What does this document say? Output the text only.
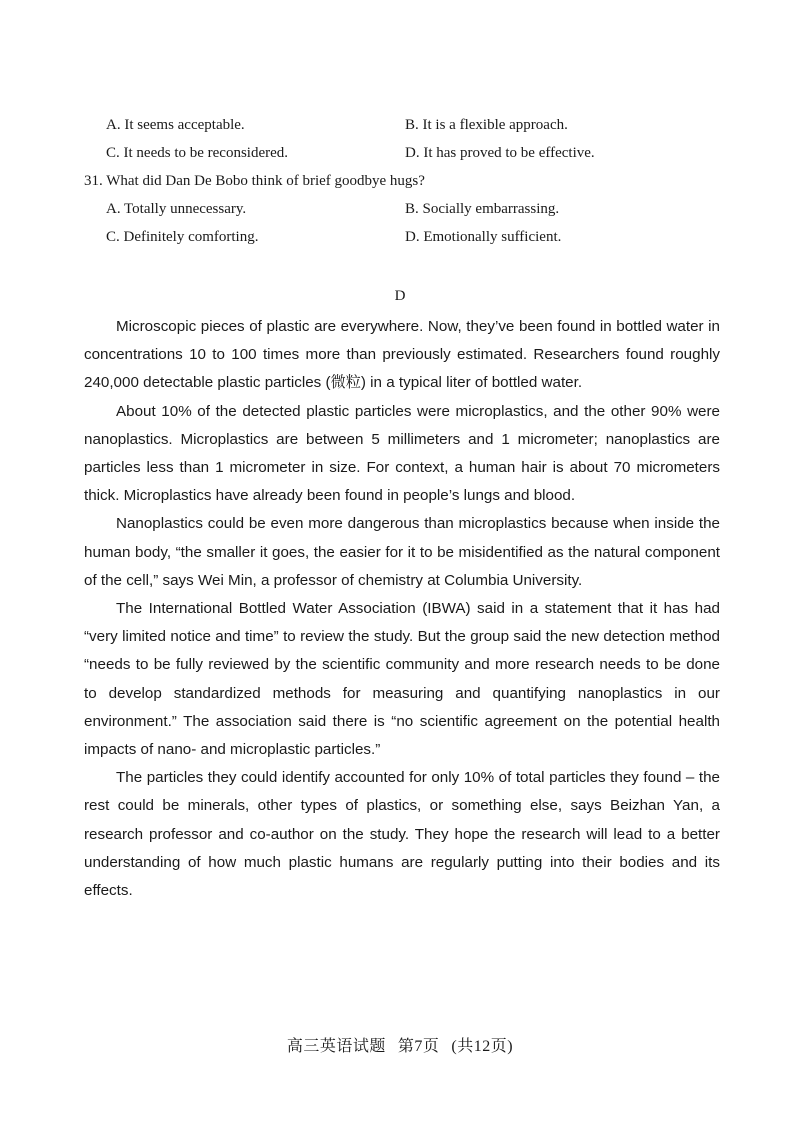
A. It seems acceptable.	B. It is a flexible approach.
C. It needs to be reconsidered.	D. It has proved to be effective.
31. What did Dan De Bobo think of brief goodbye hugs?
A. Totally unnecessary.	B. Socially embarrassing.
C. Definitely comforting.	D. Emotionally sufficient.
D

Microscopic pieces of plastic are everywhere. Now, they’ve been found in bottled water in concentrations 10 to 100 times more than previously estimated. Researchers found roughly 240,000 detectable plastic particles (微粒) in a typical liter of bottled water.

About 10% of the detected plastic particles were microplastics, and the other 90% were nanoplastics. Microplastics are between 5 millimeters and 1 micrometer; nanoplastics are particles less than 1 micrometer in size. For context, a human hair is about 70 micrometers thick. Microplastics have already been found in people’s lungs and blood.

Nanoplastics could be even more dangerous than microplastics because when inside the human body, “the smaller it goes, the easier for it to be misidentified as the natural component of the cell,” says Wei Min, a professor of chemistry at Columbia University.

The International Bottled Water Association (IBWA) said in a statement that it has had “very limited notice and time” to review the study. But the group said the new detection method “needs to be fully reviewed by the scientific community and more research needs to be done to develop standardized methods for measuring and quantifying nanoplastics in our environment.” The association said there is “no scientific agreement on the potential health impacts of nano- and microplastic particles.”

The particles they could identify accounted for only 10% of total particles they found – the rest could be minerals, other types of plastics, or something else, says Beizhan Yan, a research professor and co-author on the study. They hope the research will lead to a better understanding of how much plastic humans are regularly putting into their bodies and its effects.

高三英语试题 第7页 (共12页)
